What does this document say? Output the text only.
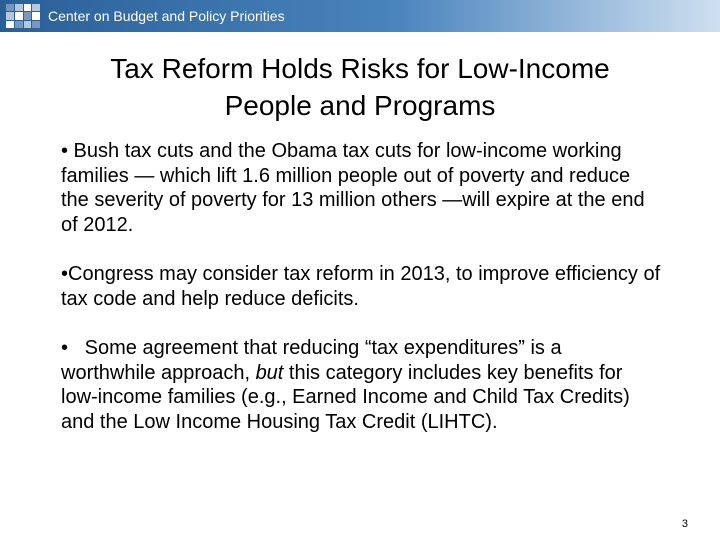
Center on Budget and Policy Priorities
Tax Reform Holds Risks for Low-Income
People and Programs
• Bush tax cuts and the Obama tax cuts for low-income working families — which lift 1.6 million people out of poverty and reduce the severity of poverty for 13 million others —will expire at the end of 2012.
•Congress may consider tax reform in 2013, to improve efficiency of tax code and help reduce deficits.
•   Some agreement that reducing “tax expenditures” is a worthwhile approach, but this category includes key benefits for low-income families (e.g., Earned Income and Child Tax Credits) and the Low Income Housing Tax Credit (LIHTC).
3
